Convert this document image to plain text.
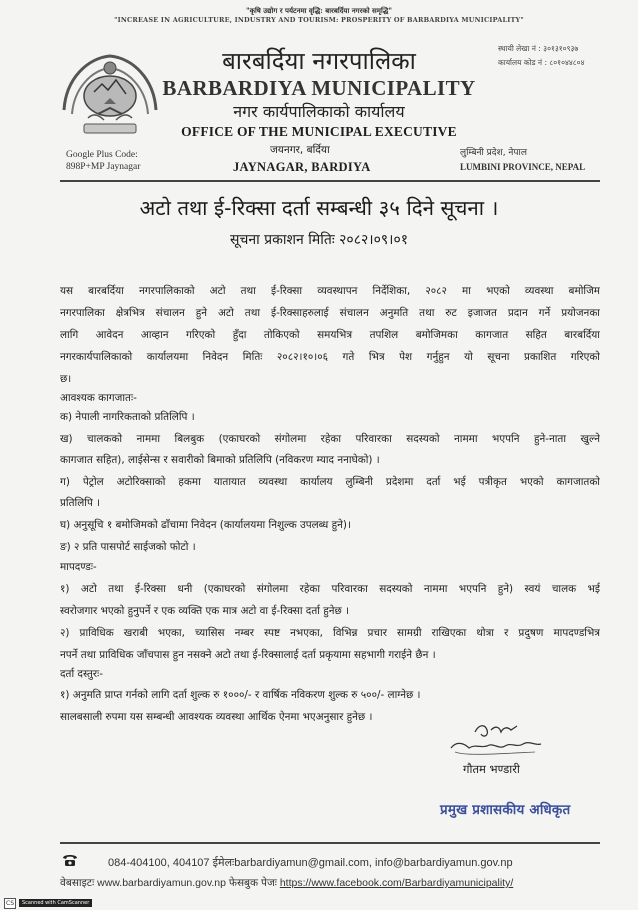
"कृषि उद्योग र पर्यटनमा वृद्धि: बारबर्दिया नगरको समृद्धि"
"INCREASE IN AGRICULTURE, INDUSTRY AND TOURISM: PROSPERITY OF BARBARDIYA MUNICIPALITY"
बारबर्दिया नगरपालिका
BARBARDIYA MUNICIPALITY
नगर कार्यपालिकाको कार्यालय
OFFICE OF THE MUNICIPAL EXECUTIVE
जयनगर, बर्दिया
JAYNAGAR, BARDIYA
स्थायी लेखा नं : ३०१३१०९३७
कार्यालय कोड नं : ८०१०४४८०४
Google Plus Code:
898P+MP Jaynagar
लुम्बिनी प्रदेश, नेपाल
LUMBINI PROVINCE, NEPAL
अटो तथा ई-रिक्सा दर्ता सम्बन्धी ३५ दिने सूचना ।
सूचना प्रकाशन मितिः २०८२।०९।०१
यस बारबर्दिया नगरपालिकाको अटो तथा ई-रिक्सा व्यवस्थापन निर्देशिका, २०८२ मा भएको व्यवस्था बमोजिम
नगरपालिका क्षेत्रभित्र संचालन हुने अटो तथा ई-रिक्साहरुलाई संचालन अनुमति तथा रुट इजाजत प्रदान गर्ने प्रयोजनका
लागि आवेदन आव्हान गरिएको हुँदा तोकिएको समयभित्र तपशिल बमोजिमका कागजात सहित बारबर्दिया
नगरकार्यपालिकाको कार्यालयमा निवेदन मितिः २०८२।१०।०६ गते भित्र पेश गर्नुहुन यो सूचना प्रकाशित गरिएको
छ।
आवश्यक कागजातः-
क) नेपाली नागरिकताको प्रतिलिपि ।
ख) चालकको नाममा बिलबुक (एकाघरको संगोलमा रहेका परिवारका सदस्यको नाममा भएपनि हुने-नाता खुल्ने
कागजात सहित), लाईसेन्स र सवारीको बिमाको प्रतिलिपि (नविकरण म्याद ननाघेको) ।
ग) पेट्रोल अटोरिक्साको हकमा यातायात व्यवस्था कार्यालय लुम्बिनी प्रदेशमा दर्ता भई पत्रीकृत भएको कागजातको
प्रतिलिपि ।
घ) अनुसूचि १ बमोजिमको ढाँचामा निवेदन (कार्यालयमा निशुल्क उपलब्ध हुने)।
ङ) २ प्रति पासपोर्ट साईजको फोटो ।
मापदण्डः-
१) अटो तथा ई-रिक्सा धनी (एकाघरको संगोलमा रहेका परिवारका सदस्यको नाममा भएपनि हुने) स्वयं चालक भई
स्वरोजगार भएको हुनुपर्ने र एक व्यक्ति एक मात्र अटो वा ई-रिक्सा दर्ता हुनेछ ।
२) प्राविधिक खराबी भएका, च्यासिस नम्बर स्पष्ट नभएका, विभिन्न प्रचार सामग्री राखिएका थोत्रा र प्रदुषण मापदण्डभित्र
नपर्ने तथा प्राविधिक जाँचपास हुन नसक्ने अटो तथा ई-रिक्सालाई दर्ता प्रकृयामा सहभागी गराईने छैन ।
दर्ता दस्तुरः-
१) अनुमति प्राप्त गर्नको लागि दर्ता शुल्क रु १०००/- र वार्षिक नविकरण शुल्क रु ५००/- लाग्नेछ ।
सालबसाली रुपमा यस सम्बन्धी आवश्यक व्यवस्था आर्थिक ऐनमा भएअनुसार हुनेछ ।
गौतम भण्डारी
प्रमुख प्रशासकीय अधिकृत
084-404100, 404107 ईमेलःbarbardiyamun@gmail.com, info@barbardiyamun.gov.np
वेबसाइटः www.barbardiyamun.gov.np फेसबुक पेजः https://www.facebook.com/Barbardiyamunicipality/
CS	Scanned with CamScanner
